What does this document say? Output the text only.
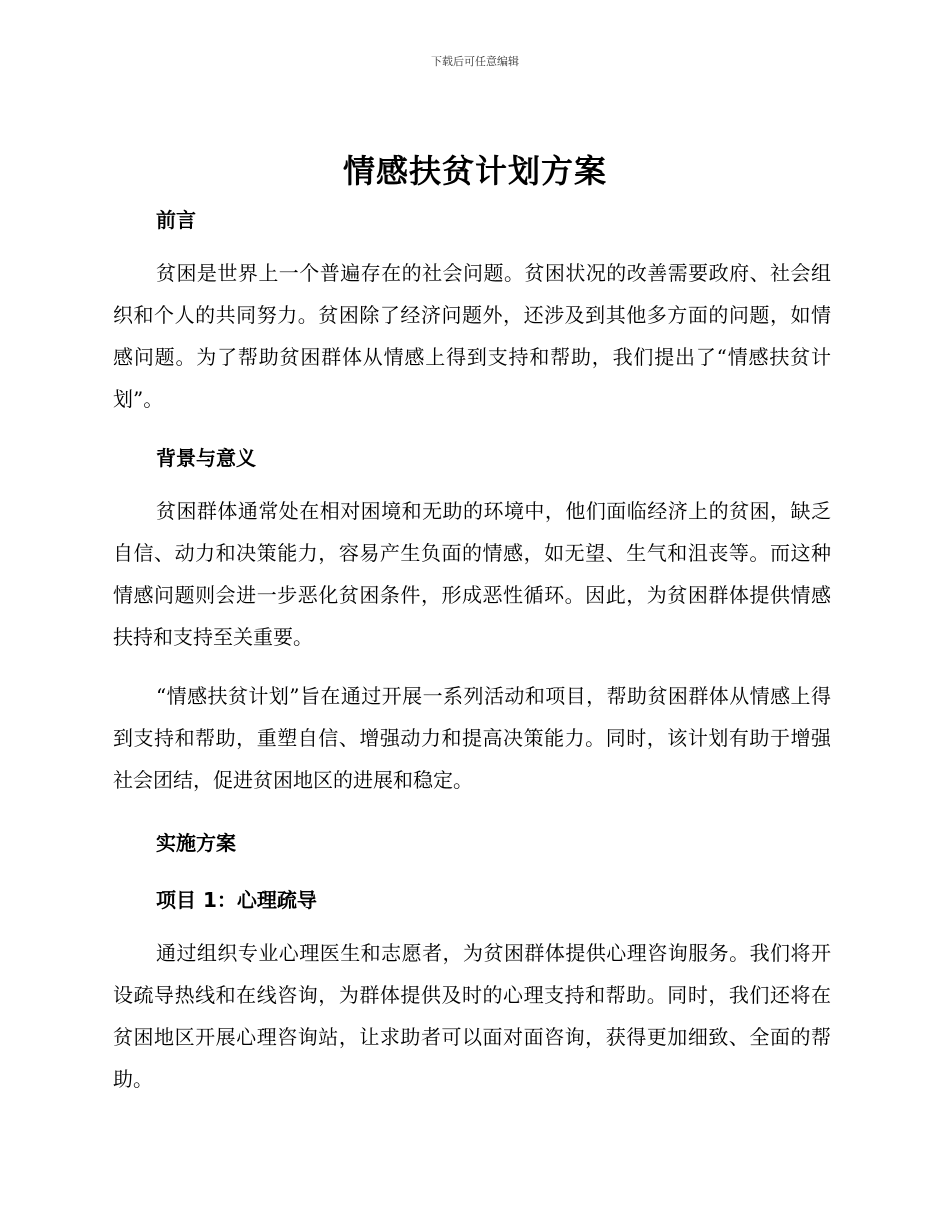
下载后可任意编辑
情感扶贫计划方案
前言

贫困是世界上一个普遍存在的社会问题。贫困状况的改善需要政府、社会组织和个人的共同努力。贫困除了经济问题外，还涉及到其他多方面的问题，如情感问题。为了帮助贫困群体从情感上得到支持和帮助，我们提出了“情感扶贫计划”。

背景与意义

贫困群体通常处在相对困境和无助的环境中，他们面临经济上的贫困，缺乏自信、动力和决策能力，容易产生负面的情感，如无望、生气和沮丧等。而这种情感问题则会进一步恶化贫困条件，形成恶性循环。因此，为贫困群体提供情感扶持和支持至关重要。

“情感扶贫计划”旨在通过开展一系列活动和项目，帮助贫困群体从情感上得到支持和帮助，重塑自信、增强动力和提高决策能力。同时，该计划有助于增强社会团结，促进贫困地区的进展和稳定。

实施方案
项目 1：心理疏导

通过组织专业心理医生和志愿者，为贫困群体提供心理咨询服务。我们将开设疏导热线和在线咨询，为群体提供及时的心理支持和帮助。同时，我们还将在贫困地区开展心理咨询站，让求助者可以面对面咨询，获得更加细致、全面的帮助。
